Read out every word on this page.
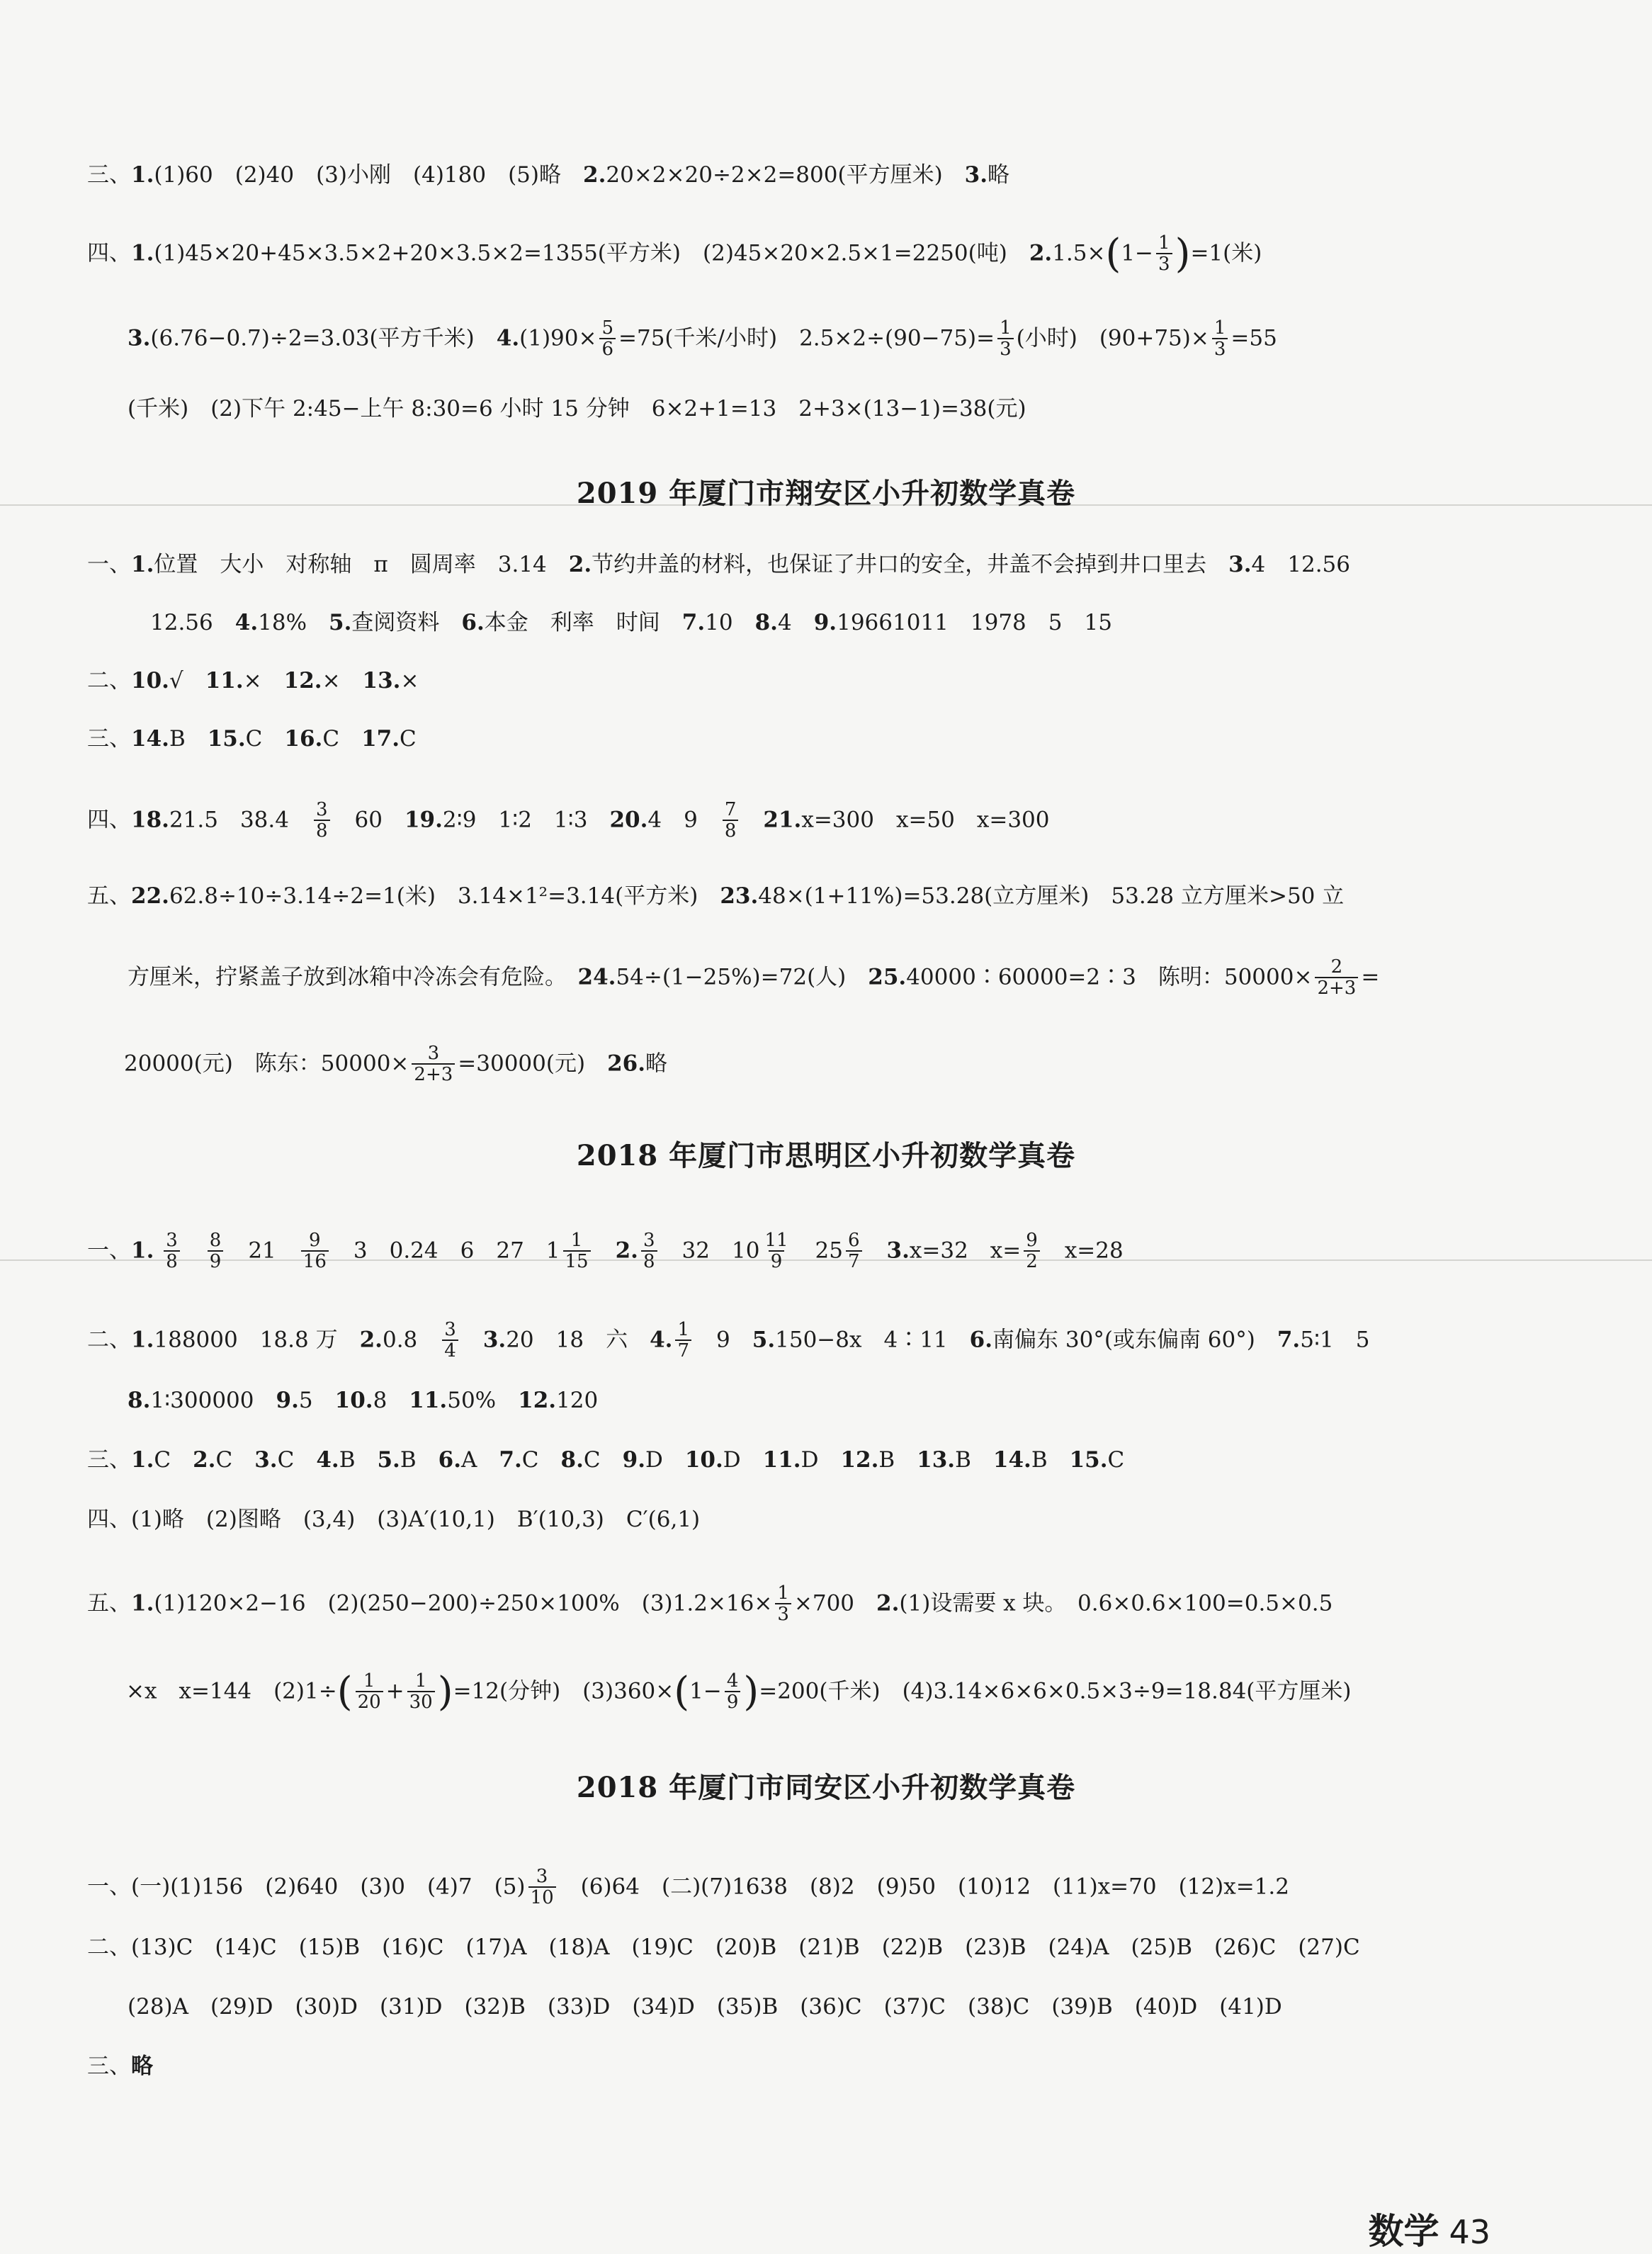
三、1.(1)60　(2)40　(3)小刚　(4)180　(5)略　2.20×2×20÷2×2=800(平方厘米)　3.略
四、1.(1)45×20+45×3.5×2+20×3.5×2=1355(平方米)　(2)45×20×2.5×1=2250(吨)　$2.1.5\times(1- \frac{1}{3} )=1$(米)
3.(6.76−0.7)÷2=3.03(平方千米)　$4.(1)90\times \frac{5}{6} =75$(千米/小时)　$2.5\times 2\div(90-75)= \frac{1}{3}$ (小时)　$(90+75)\times \frac{1}{3} =55$
(千米)　(2)下午 2:45−上午 8:30=6 小时 15 分钟　6×2+1=13　2+3×(13−1)=38(元)
2019 年厦门市翔安区小升初数学真卷
一、1.位置　大小　对称轴　π　圆周率　3.14　2.节约井盖的材料，也保证了井口的安全，井盖不会掉到井口里去　3.4　12.56
12.56　4.18%　5.查阅资料　6.本金　利率　时间　7.10　8.4　9.19661011　1978　5　15
二、10.√　11.×　12.×　13.×
三、14.B　15.C　16.C　17.C
四、18.21.5　38.4　 $\frac{3}{8}$ 　60　19.2∶9　1∶2　1∶3　20.4　9　 $\frac{7}{8}$
　 21.x=300　x=50　x=300
五、22.62.8÷10÷3.14÷2=1(米)　3.14×1²=3.14(平方米)　23.48×(1+11%)=53.28(立方厘米)　53.28 立方厘米>50 立
方厘米，拧紧盖子放到冰箱中冷冻会有危险。　24.54÷(1−25%)=72(人)　25.40000∶60000=2∶3　陈明：$50000\times \frac{2}{2+3}$ =
20000(元)　陈东：$50000\times \frac{3}{2+3} =30000$(元)　26.略
2018 年厦门市思明区小升初数学真卷
一、1. $\frac{3}{8}$
　 $\frac{8}{9}$
　 21　 $\frac{9}{16}$
　 3　0.24　6　27　$1 \frac{1}{15}$
　 2. $\frac{3}{8}$
　 32　$10 \frac{11}{9}$
　 $25 \frac{6}{7}$
　 3.x=32　$x= \frac{9}{2}$ 　x=28
二、1.188000　18.8 万　2.0.8　 $\frac{3}{4}$
　 3.20　18　六　4. $\frac{1}{7}$ 　9　5.150−8x　4∶11　6.南偏东 30°(或东偏南 60°)　7.5∶1　5
8.1∶300000　9.5　10.8　11.50%　12.120
三、1.C　 2.C　 3.C　 4.B　 5.B　 6.A　 7.C　 8.C　 9.D　 10.D　 11.D　 12.B　 13.B　 14.B　 15.C
四、(1)略　(2)图略　(3,4)　(3)A′(10,1)　B′(10,3)　C′(6,1)
五、1.(1)120×2−16　(2)(250−200)÷250×100%　$(3)1.2\times 16\times \frac{1}{3} \times 700$　2.(1)设需要 x 块。　0.6×0.6×100=0.5×0.5
×x　x=144　$(2)1\div( \frac{1}{20} + \frac{1}{30} )=12$(分钟)　$(3)360\times(1- \frac{4}{9} )=200$(千米)　(4)3.14×6×6×0.5×3÷9=18.84(平方厘米)
2018 年厦门市同安区小升初数学真卷
一、(一)(1)156　(2)640　(3)0　(4)7　$(5) \frac{3}{10}$ 　(6)64　(二)(7)1638　(8)2　(9)50　(10)12　(11)x=70　(12)x=1.2
二、(13)C　(14)C　(15)B　(16)C　(17)A　(18)A　(19)C　(20)B　(21)B　(22)B　(23)B　(24)A　(25)B　(26)C　(27)C
(28)A　(29)D　(30)D　(31)D　(32)B　(33)D　(34)D　(35)B　(36)C　(37)C　(38)C　(39)B　(40)D　(41)D
三、略
数学 43
